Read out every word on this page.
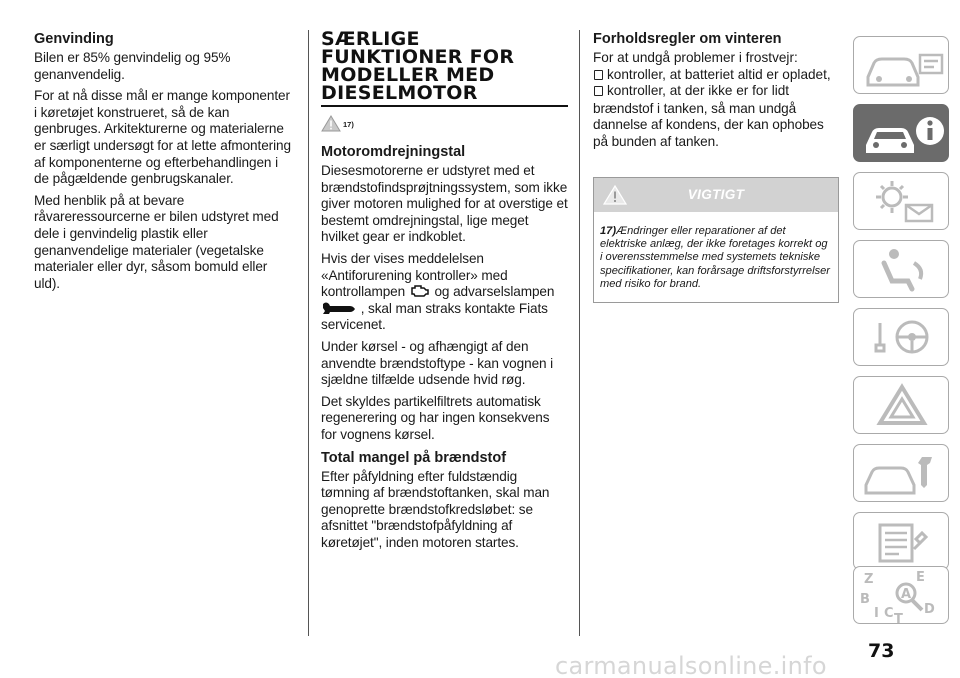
Genvinding

Bilen er 85% genvindelig og 95% genanvendelig.

For at nå disse mål er mange komponenter i køretøjet konstrueret, så de kan genbruges. Arkitekturerne og materialerne er særligt undersøgt for at lette afmontering af komponenterne og efterbehandlingen i de pågældende genbrugskanaler.

Med henblik på at bevare råvareressourcerne er bilen udstyret med dele i genvindelig plastik eller genanvendelige materialer (vegetalske materialer eller dyr, såsom bomuld eller uld).

SÆRLIGE
FUNKTIONER FOR
MODELLER MED
DIESELMOTOR
17)
Motoromdrejningstal

Diesesmotorerne er udstyret med et brændstofindsprøjtningssystem, som ikke giver motoren mulighed for at overstige et bestemt omdrejningstal, lige meget hvilket gear er indkoblet.

Hvis der vises meddelelsen «Antiforurening kontroller» med kontrollampen og advarselslampen
, skal man straks kontakte Fiats servicenet.

Under kørsel - og afhængigt af den anvendte brændstoftype - kan vognen i sjældne tilfælde udsende hvid røg.

Det skyldes partikelfiltrets automatisk regenerering og har ingen konsekvens for vognens kørsel.

Total mangel på brændstof

Efter påfyldning efter fuldstændig tømning af brændstoftanken, skal man genoprette brændstofkredsløbet: se afsnittet "brændstofpåfyldning af køretøjet", inden motoren startes.

Forholdsregler om vinteren
For at undgå problemer i frostvejr:
kontroller, at batteriet altid er opladet,
kontroller, at der ikke er for lidt

brændstof i tanken, så man undgå dannelse af kondens, der kan ophobes på bunden af tanken.

VIGTIGT
17)Ændringer eller reparationer af det elektriske anlæg, der ikke foretages korrekt og i overensstemmelse med systemets tekniske specifikationer, kan forårsage driftsforstyrrelser med risiko for brand.
Z	E
B
I C T
D
A
73
carmanualsonline.info
